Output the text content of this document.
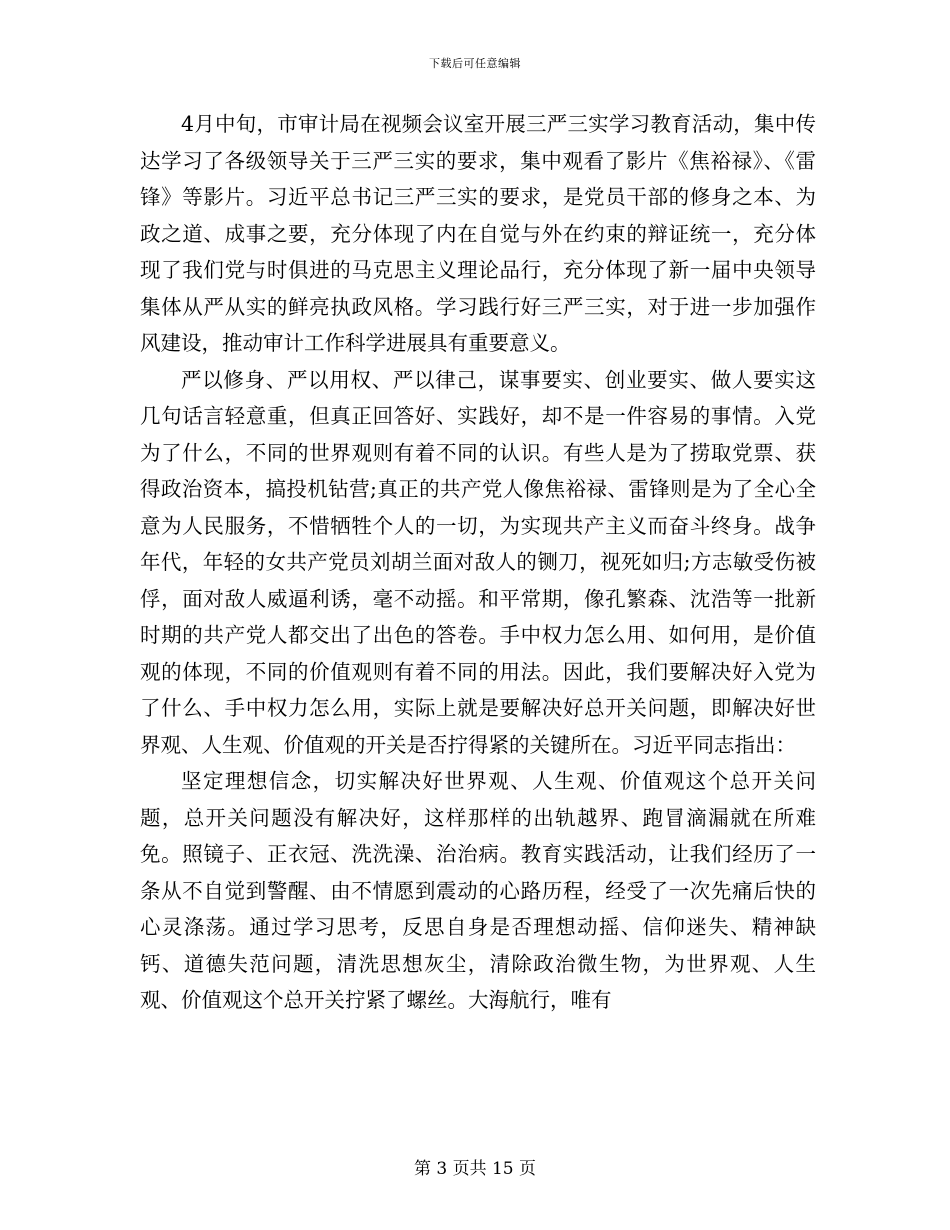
下载后可任意编辑

4月中旬，市审计局在视频会议室开展三严三实学习教育活动，集中传达学习了各级领导关于三严三实的要求，集中观看了影片《焦裕禄》、《雷锋》等影片。习近平总书记三严三实的要求，是党员干部的修身之本、为政之道、成事之要，充分体现了内在自觉与外在约束的辩证统一，充分体现了我们党与时俱进的马克思主义理论品行，充分体现了新一届中央领导集体从严从实的鲜亮执政风格。学习践行好三严三实，对于进一步加强作风建设，推动审计工作科学进展具有重要意义。

严以修身、严以用权、严以律己，谋事要实、创业要实、做人要实这几句话言轻意重，但真正回答好、实践好，却不是一件容易的事情。入党为了什么，不同的世界观则有着不同的认识。有些人是为了捞取党票、获得政治资本，搞投机钻营;真正的共产党人像焦裕禄、雷锋则是为了全心全意为人民服务，不惜牺牲个人的一切，为实现共产主义而奋斗终身。战争年代，年轻的女共产党员刘胡兰面对敌人的铡刀，视死如归;方志敏受伤被俘，面对敌人威逼利诱，毫不动摇。和平常期，像孔繁森、沈浩等一批新时期的共产党人都交出了出色的答卷。手中权力怎么用、如何用，是价值观的体现，不同的价值观则有着不同的用法。因此，我们要解决好入党为了什么、手中权力怎么用，实际上就是要解决好总开关问题，即解决好世界观、人生观、价值观的开关是否拧得紧的关键所在。习近平同志指出：

坚定理想信念，切实解决好世界观、人生观、价值观这个总开关问题，总开关问题没有解决好，这样那样的出轨越界、跑冒滴漏就在所难免。照镜子、正衣冠、洗洗澡、治治病。教育实践活动，让我们经历了一条从不自觉到警醒、由不情愿到震动的心路历程，经受了一次先痛后快的心灵涤荡。通过学习思考，反思自身是否理想动摇、信仰迷失、精神缺钙、道德失范问题，清洗思想灰尘，清除政治微生物，为世界观、人生观、价值观这个总开关拧紧了螺丝。大海航行，唯有

第 3 页共 15 页
